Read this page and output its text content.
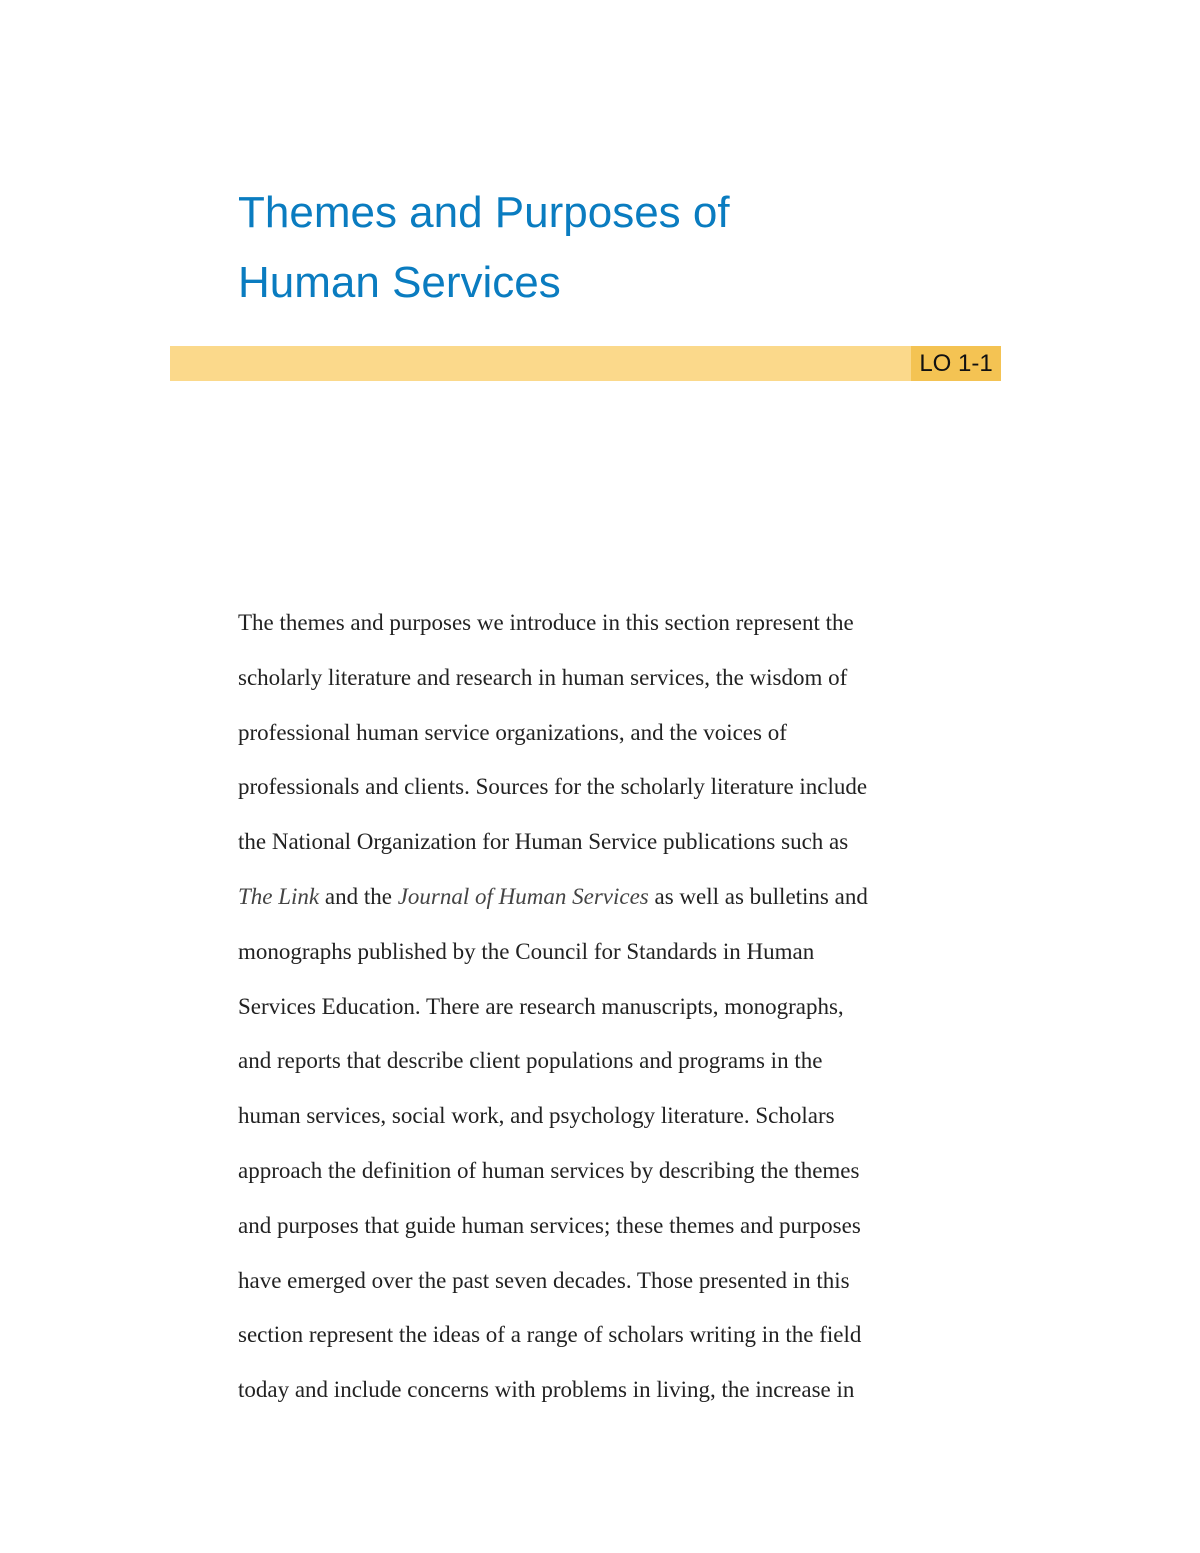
Themes and Purposes of
Human Services
LO 1-1

The themes and purposes we introduce in this section represent the
scholarly literature and research in human services, the wisdom of
professional human service organizations, and the voices of
professionals and clients. Sources for the scholarly literature include
the National Organization for Human Service publications such as
The Link and the Journal of Human Services as well as bulletins and
monographs published by the Council for Standards in Human
Services Education. There are research manuscripts, monographs,
and reports that describe client populations and programs in the
human services, social work, and psychology literature. Scholars
approach the definition of human services by describing the themes
and purposes that guide human services; these themes and purposes
have emerged over the past seven decades. Those presented in this
section represent the ideas of a range of scholars writing in the field
today and include concerns with problems in living, the increase in
